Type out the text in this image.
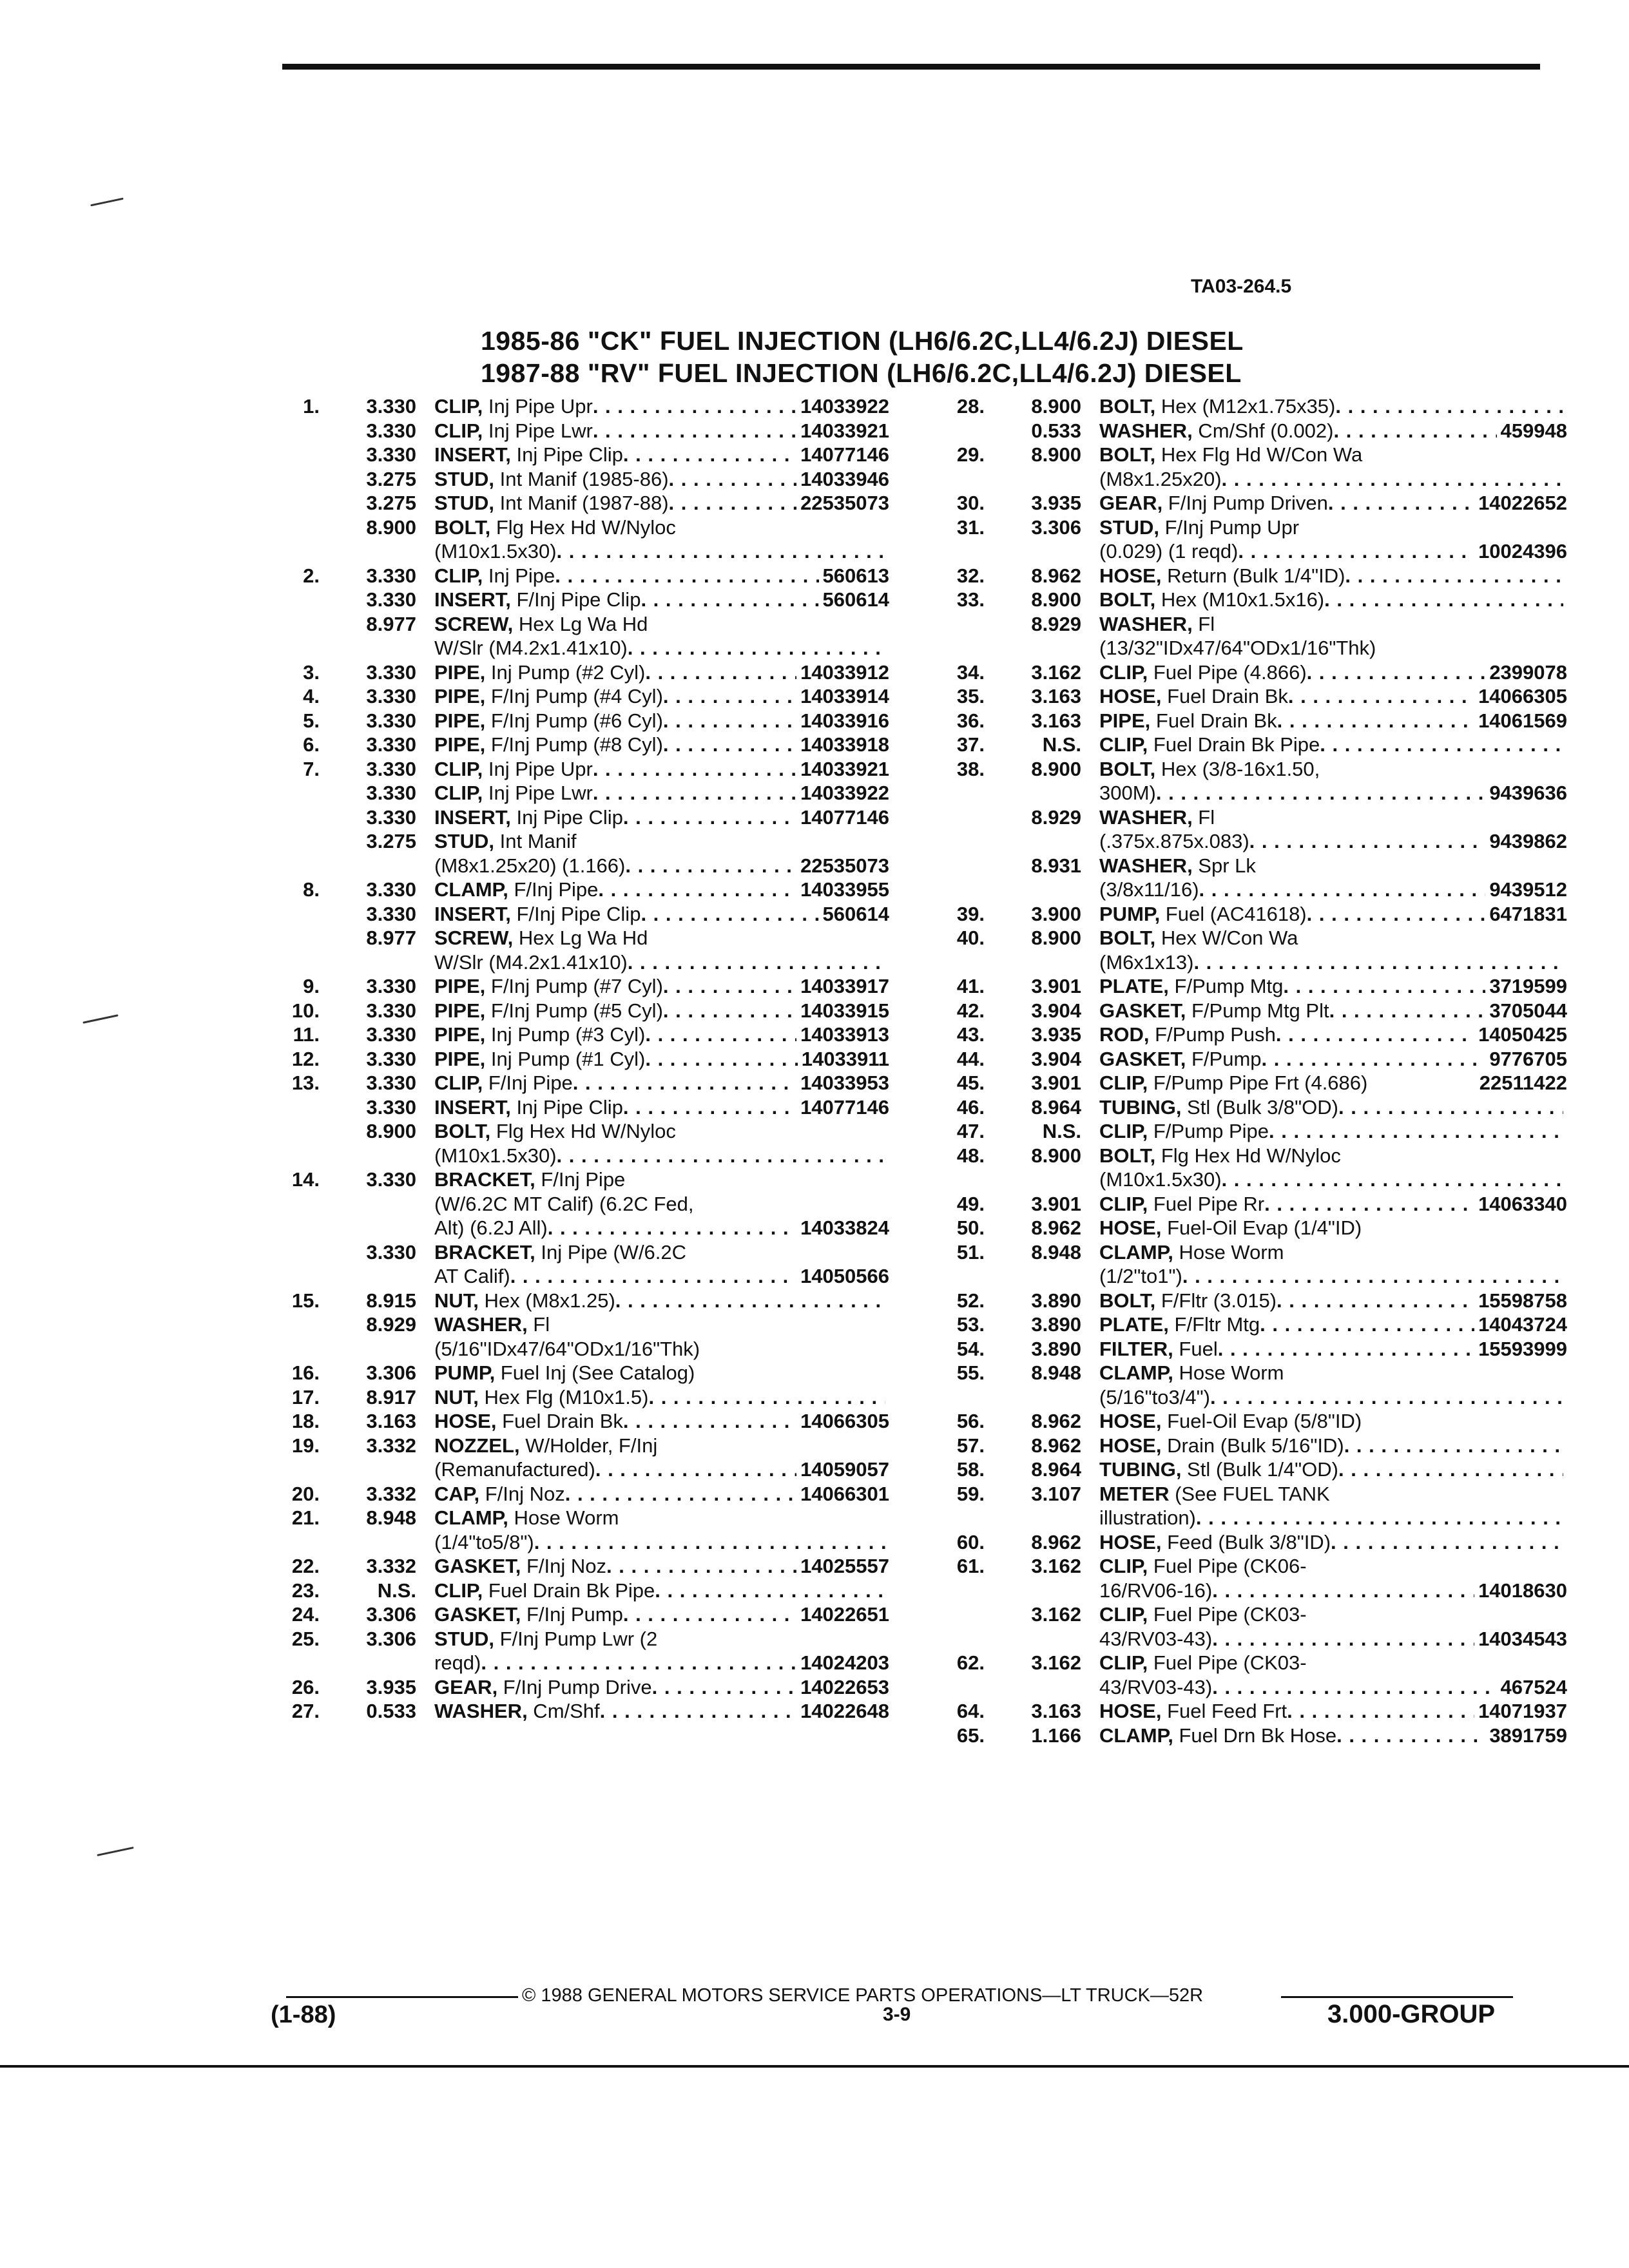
TA03-264.5
1985-86 "CK" FUEL INJECTION (LH6/6.2C,LL4/6.2J) DIESEL
1987-88 "RV" FUEL INJECTION (LH6/6.2C,LL4/6.2J) DIESEL
1.	3.330 CLIP, Inj Pipe Upr . . .	14033922
3.330 CLIP, Inj Pipe Lwr . . .	14033921
3.330 INSERT, Inj Pipe Clip . . .	14077146
3.275 STUD, Int Manif (1985-86) . . .	14033946
3.275 STUD, Int Manif (1987-88) . . .	22535073
8.900 BOLT, Flg Hex Hd W/Nyloc
(M10x1.5x30)
. . .
2.	3.330 CLIP, Inj Pipe . . .	560613
3.330 INSERT, F/Inj Pipe Clip . . .	560614
8.977 SCREW, Hex Lg Wa Hd
W/Slr (M4.2x1.41x10)
. . .
3.	3.330 PIPE, Inj Pump (#2 Cyl) . . .	14033912
4.	3.330 PIPE, F/Inj Pump (#4 Cyl) . . .	14033914
5.	3.330 PIPE, F/Inj Pump (#6 Cyl) . . .	14033916
6.	3.330 PIPE, F/Inj Pump (#8 Cyl) . . .	14033918
7.	3.330 CLIP, Inj Pipe Upr . . .	14033921
3.330 CLIP, Inj Pipe Lwr . . .	14033922
3.330 INSERT, Inj Pipe Clip . . .	14077146
3.275 STUD, Int Manif
(M8x1.25x20) (1.166) . . .	22535073
8.	3.330 CLAMP, F/Inj Pipe . . .	14033955
3.330 INSERT, F/Inj Pipe Clip . . .	560614
8.977 SCREW, Hex Lg Wa Hd
W/Slr (M4.2x1.41x10)
. . .
9.	3.330 PIPE, F/Inj Pump (#7 Cyl) . . .	14033917
10.	3.330 PIPE, F/Inj Pump (#5 Cyl) . . .	14033915
11.	3.330 PIPE, Inj Pump (#3 Cyl) . . .	14033913
12.	3.330 PIPE, Inj Pump (#1 Cyl) . . .	14033911
13.	3.330 CLIP, F/Inj Pipe . . .	14033953
3.330 INSERT, Inj Pipe Clip . . .	14077146
8.900 BOLT, Flg Hex Hd W/Nyloc
(M10x1.5x30)
. . .
14.	3.330 BRACKET, F/Inj Pipe
(W/6.2C MT Calif) (6.2C Fed,
Alt) (6.2J All) . . .	14033824
3.330 BRACKET, Inj Pipe (W/6.2C
AT Calif) . . .	14050566
15.	8.915 NUT, Hex (M8x1.25)
. . .
8.929 WASHER, Fl
(5/16"IDx47/64"ODx1/16"Thk)
16.	3.306 PUMP, Fuel Inj (See Catalog)
17.	8.917 NUT, Hex Flg (M10x1.5)
. . .
18.	3.163 HOSE, Fuel Drain Bk . . .	14066305
19.	3.332 NOZZEL, W/Holder, F/Inj
(Remanufactured) . . .	14059057
20.	3.332 CAP, F/Inj Noz . . .	14066301
21.	8.948 CLAMP, Hose Worm
(1/4"to5/8")
. . .
22.	3.332 GASKET, F/Inj Noz . . .	14025557
23.	N.S. CLIP, Fuel Drain Bk Pipe
. . .
24.	3.306 GASKET, F/Inj Pump . . .	14022651
25.	3.306 STUD, F/Inj Pump Lwr (2
reqd) . . .	14024203
26.	3.935 GEAR, F/Inj Pump Drive . . .	14022653
27.	0.533 WASHER, Cm/Shf . . .	14022648
28.	8.900 BOLT, Hex (M12x1.75x35)
. . .
0.533 WASHER, Cm/Shf (0.002) . . .	459948
29.	8.900 BOLT, Hex Flg Hd W/Con Wa
(M8x1.25x20)
. . .
30.	3.935 GEAR, F/Inj Pump Driven . . .	14022652
31.	3.306 STUD, F/Inj Pump Upr
(0.029) (1 reqd) . . .	10024396
32.	8.962 HOSE, Return (Bulk 1/4"ID)
. . .
33.	8.900 BOLT, Hex (M10x1.5x16)
. . .
8.929 WASHER, Fl
(13/32"IDx47/64"ODx1/16"Thk)
34.	3.162 CLIP, Fuel Pipe (4.866) . . .	2399078
35.	3.163 HOSE, Fuel Drain Bk . . .	14066305
36.	3.163 PIPE, Fuel Drain Bk . . .	14061569
37.	N.S. CLIP, Fuel Drain Bk Pipe
. . .
38.	8.900 BOLT, Hex (3/8-16x1.50,
300M) . . .	9439636
8.929 WASHER, Fl
(.375x.875x.083) . . .	9439862
8.931 WASHER, Spr Lk
(3/8x11/16) . . .	9439512
39.	3.900 PUMP, Fuel (AC41618) . . .	6471831
40.	8.900 BOLT, Hex W/Con Wa
(M6x1x13)
. . .
41.	3.901 PLATE, F/Pump Mtg . . .	3719599
42.	3.904 GASKET, F/Pump Mtg Plt . . .	3705044
43.	3.935 ROD, F/Pump Push . . .	14050425
44.	3.904 GASKET, F/Pump . . .	9776705
45.	3.901 CLIP, F/Pump Pipe Frt (4.686)	22511422
46.	8.964 TUBING, Stl (Bulk 3/8"OD)
. . .
47.	N.S. CLIP, F/Pump Pipe
. . .
48.	8.900 BOLT, Flg Hex Hd W/Nyloc
(M10x1.5x30)
. . .
49.	3.901 CLIP, Fuel Pipe Rr . . .	14063340
50.	8.962 HOSE, Fuel-Oil Evap (1/4"ID)
51.	8.948 CLAMP, Hose Worm
(1/2"to1")
. . .
52.	3.890 BOLT, F/Fltr (3.015) . . .	15598758
53.	3.890 PLATE, F/Fltr Mtg . . .	14043724
54.	3.890 FILTER, Fuel . . .	15593999
55.	8.948 CLAMP, Hose Worm
(5/16"to3/4")
. . .
56.	8.962 HOSE, Fuel-Oil Evap (5/8"ID)
57.	8.962 HOSE, Drain (Bulk 5/16"ID)
. . .
58.	8.964 TUBING, Stl (Bulk 1/4"OD)
. . .
59.	3.107 METER (See FUEL TANK
illustration)
. . .
60.	8.962 HOSE, Feed (Bulk 3/8"ID)
. . .
61.	3.162 CLIP, Fuel Pipe (CK06-
16/RV06-16) . . .	14018630
3.162 CLIP, Fuel Pipe (CK03-
43/RV03-43) . . .	14034543
62.	3.162 CLIP, Fuel Pipe (CK03-
43/RV03-43) . . .	467524
64.	3.163 HOSE, Fuel Feed Frt . . .	14071937
65.	1.166 CLAMP, Fuel Drn Bk Hose . . .	3891759
© 1988 GENERAL MOTORS SERVICE PARTS OPERATIONS—LT TRUCK—52R
(1-88)	3-9	3.000-GROUP
